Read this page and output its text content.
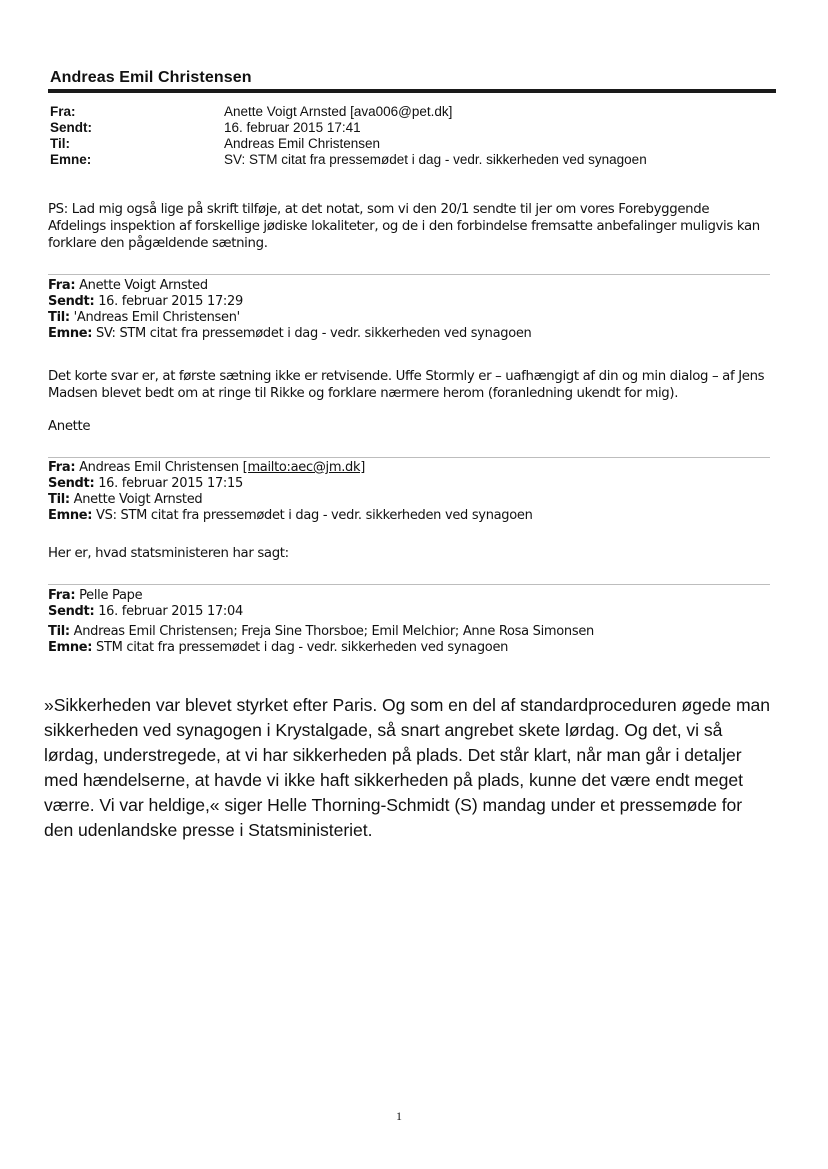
Andreas Emil Christensen
Fra:	Anette Voigt Arnsted [ava006@pet.dk]
Sendt:	16. februar 2015 17:41
Til:	Andreas Emil Christensen
Emne:	SV: STM citat fra pressemødet i dag - vedr. sikkerheden ved synagoen
PS: Lad mig også lige på skrift tilføje, at det notat, som vi den 20/1 sendte til jer om vores Forebyggende Afdelings inspektion af forskellige jødiske lokaliteter, og de i den forbindelse fremsatte anbefalinger muligvis kan forklare den pågældende sætning.
Fra: Anette Voigt Arnsted
Sendt: 16. februar 2015 17:29
Til: 'Andreas Emil Christensen'
Emne: SV: STM citat fra pressemødet i dag - vedr. sikkerheden ved synagoen
Det korte svar er, at første sætning ikke er retvisende. Uffe Stormly er – uafhængigt af din og min dialog – af Jens Madsen blevet bedt om at ringe til Rikke og forklare nærmere herom (foranledning ukendt for mig).
Anette
Fra: Andreas Emil Christensen [mailto:aec@jm.dk]
Sendt: 16. februar 2015 17:15
Til: Anette Voigt Arnsted
Emne: VS: STM citat fra pressemødet i dag - vedr. sikkerheden ved synagoen
Her er, hvad statsministeren har sagt:
Fra: Pelle Pape
Sendt: 16. februar 2015 17:04
Til: Andreas Emil Christensen; Freja Sine Thorsboe; Emil Melchior; Anne Rosa Simonsen
Emne: STM citat fra pressemødet i dag - vedr. sikkerheden ved synagoen
»Sikkerheden var blevet styrket efter Paris. Og som en del af standardproceduren øgede man sikkerheden ved synagogen i Krystalgade, så snart angrebet skete lørdag. Og det, vi så lørdag, understregede, at vi har sikkerheden på plads. Det står klart, når man går i detaljer med hændelserne, at havde vi ikke haft sikkerheden på plads, kunne det være endt meget værre. Vi var heldige,« siger Helle Thorning-Schmidt (S) mandag under et pressemøde for den udenlandske presse i Statsministeriet.
1
